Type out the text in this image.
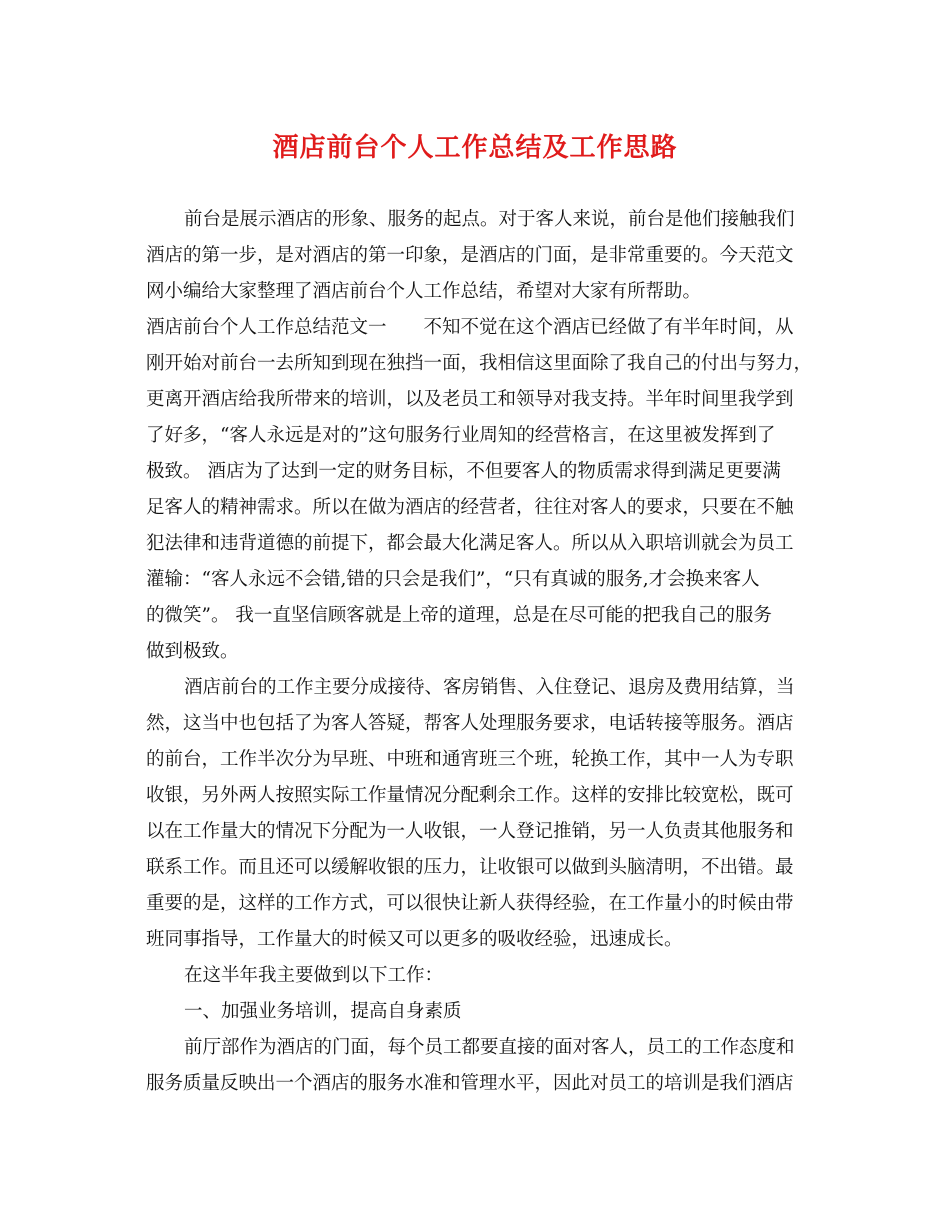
酒店前台个人工作总结及工作思路
前台是展示酒店的形象、服务的起点。对于客人来说，前台是他们接触我们
酒店的第一步，是对酒店的第一印象，是酒店的门面，是非常重要的。今天范文
网小编给大家整理了酒店前台个人工作总结，希望对大家有所帮助。
酒店前台个人工作总结范文一　　不知不觉在这个酒店已经做了有半年时间，从
刚开始对前台一去所知到现在独挡一面，我相信这里面除了我自己的付出与努力，
更离开酒店给我所带来的培训，以及老员工和领导对我支持。半年时间里我学到
了好多，“客人永远是对的”这句服务行业周知的经营格言，在这里被发挥到了
极致。 酒店为了达到一定的财务目标，不但要客人的物质需求得到满足更要满
足客人的精神需求。所以在做为酒店的经营者，往往对客人的要求，只要在不触
犯法律和违背道德的前提下，都会最大化满足客人。所以从入职培训就会为员工
灌输：“客人永远不会错,错的只会是我们”，“只有真诚的服务,才会换来客人
的微笑”。 我一直坚信顾客就是上帝的道理，总是在尽可能的把我自己的服务
做到极致。
酒店前台的工作主要分成接待、客房销售、入住登记、退房及费用结算，当
然，这当中也包括了为客人答疑，帮客人处理服务要求，电话转接等服务。酒店
的前台，工作半次分为早班、中班和通宵班三个班，轮换工作，其中一人为专职
收银，另外两人按照实际工作量情况分配剩余工作。这样的安排比较宽松，既可
以在工作量大的情况下分配为一人收银，一人登记推销，另一人负责其他服务和
联系工作。而且还可以缓解收银的压力，让收银可以做到头脑清明，不出错。最
重要的是，这样的工作方式，可以很快让新人获得经验，在工作量小的时候由带
班同事指导，工作量大的时候又可以更多的吸收经验，迅速成长。
在这半年我主要做到以下工作：
一、加强业务培训，提高自身素质
前厅部作为酒店的门面，每个员工都要直接的面对客人，员工的工作态度和
服务质量反映出一个酒店的服务水准和管理水平，因此对员工的培训是我们酒店
